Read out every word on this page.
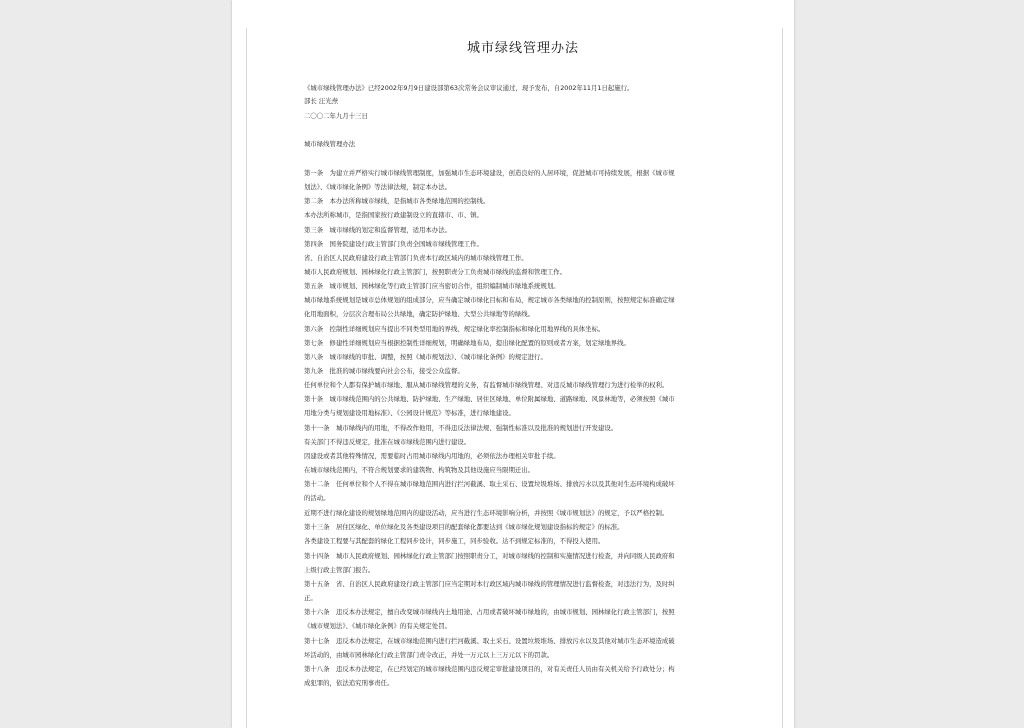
城市绿线管理办法
《城市绿线管理办法》已经2002年9月9日建设部第63次常务会议审议通过，现予发布，自2002年11月1日起施行。
部长 汪光焘
二〇〇二年九月十三日
城市绿线管理办法
第一条　为建立并严格实行城市绿线管理制度，加强城市生态环境建设，创造良好的人居环境，促进城市可持续发展，根据《城市规
划法》、《城市绿化条例》等法律法规，制定本办法。
第二条　本办法所称城市绿线，是指城市各类绿地范围的控制线。
本办法所称城市，是指国家按行政建制设立的直辖市、市、镇。
第三条　城市绿线的划定和监督管理，适用本办法。
第四条　国务院建设行政主管部门负责全国城市绿线管理工作。
省、自治区人民政府建设行政主管部门负责本行政区域内的城市绿线管理工作。
城市人民政府规划、园林绿化行政主管部门，按照职责分工负责城市绿线的监督和管理工作。
第五条　城市规划、园林绿化等行政主管部门应当密切合作，组织编制城市绿地系统规划。
城市绿地系统规划是城市总体规划的组成部分，应当确定城市绿化目标和布局，规定城市各类绿地的控制原则，按照规定标准确定绿
化用地面积，分层次合理布局公共绿地，确定防护绿地、大型公共绿地等的绿线。
第六条　控制性详细规划应当提出不同类型用地的界线、规定绿化率控制指标和绿化用地界线的具体坐标。
第七条　修建性详细规划应当根据控制性详细规划，明确绿地布局，提出绿化配置的原则或者方案，划定绿地界线。
第八条　城市绿线的审批、调整，按照《城市规划法》、《城市绿化条例》的规定进行。
第九条　批准的城市绿线要向社会公布，接受公众监督。
任何单位和个人都有保护城市绿地、服从城市绿线管理的义务，有监督城市绿线管理、对违反城市绿线管理行为进行检举的权利。
第十条　城市绿线范围内的公共绿地、防护绿地、生产绿地、居住区绿地、单位附属绿地、道路绿地、风景林地等，必须按照《城市
用地分类与规划建设用地标准》、《公园设计规范》等标准，进行绿地建设。
第十一条　城市绿线内的用地，不得改作他用，不得违反法律法规、强制性标准以及批准的规划进行开发建设。
有关部门不得违反规定，批准在城市绿线范围内进行建设。
因建设或者其他特殊情况，需要临时占用城市绿线内用地的，必须依法办理相关审批手续。
在城市绿线范围内，不符合规划要求的建筑物、构筑物及其他设施应当限期迁出。
第十二条　任何单位和个人不得在城市绿地范围内进行拦河截溪、取土采石、设置垃圾堆场、排放污水以及其他对生态环境构成破坏
的活动。
近期不进行绿化建设的规划绿地范围内的建设活动，应当进行生态环境影响分析，并按照《城市规划法》的规定，予以严格控制。
第十三条　居住区绿化、单位绿化及各类建设项目的配套绿化都要达到《城市绿化规划建设指标的规定》的标准。
各类建设工程要与其配套的绿化工程同步设计，同步施工，同步验收。达不到规定标准的，不得投入使用。
第十四条　城市人民政府规划、园林绿化行政主管部门按照职责分工，对城市绿线的控制和实施情况进行检查，并向同级人民政府和
上级行政主管部门报告。
第十五条　省、自治区人民政府建设行政主管部门应当定期对本行政区域内城市绿线的管理情况进行监督检查，对违法行为，及时纠
正。
第十六条　违反本办法规定，擅自改变城市绿线内土地用途、占用或者破坏城市绿地的，由城市规划、园林绿化行政主管部门，按照
《城市规划法》、《城市绿化条例》的有关规定处罚。
第十七条　违反本办法规定，在城市绿地范围内进行拦河截溪、取土采石、设置垃圾堆场、排放污水以及其他对城市生态环境造成破
坏活动的，由城市园林绿化行政主管部门责令改正，并处一万元以上三万元以下的罚款。
第十八条　违反本办法规定，在已经划定的城市绿线范围内违反规定审批建设项目的，对有关责任人员由有关机关给予行政处分；构
成犯罪的，依法追究刑事责任。
